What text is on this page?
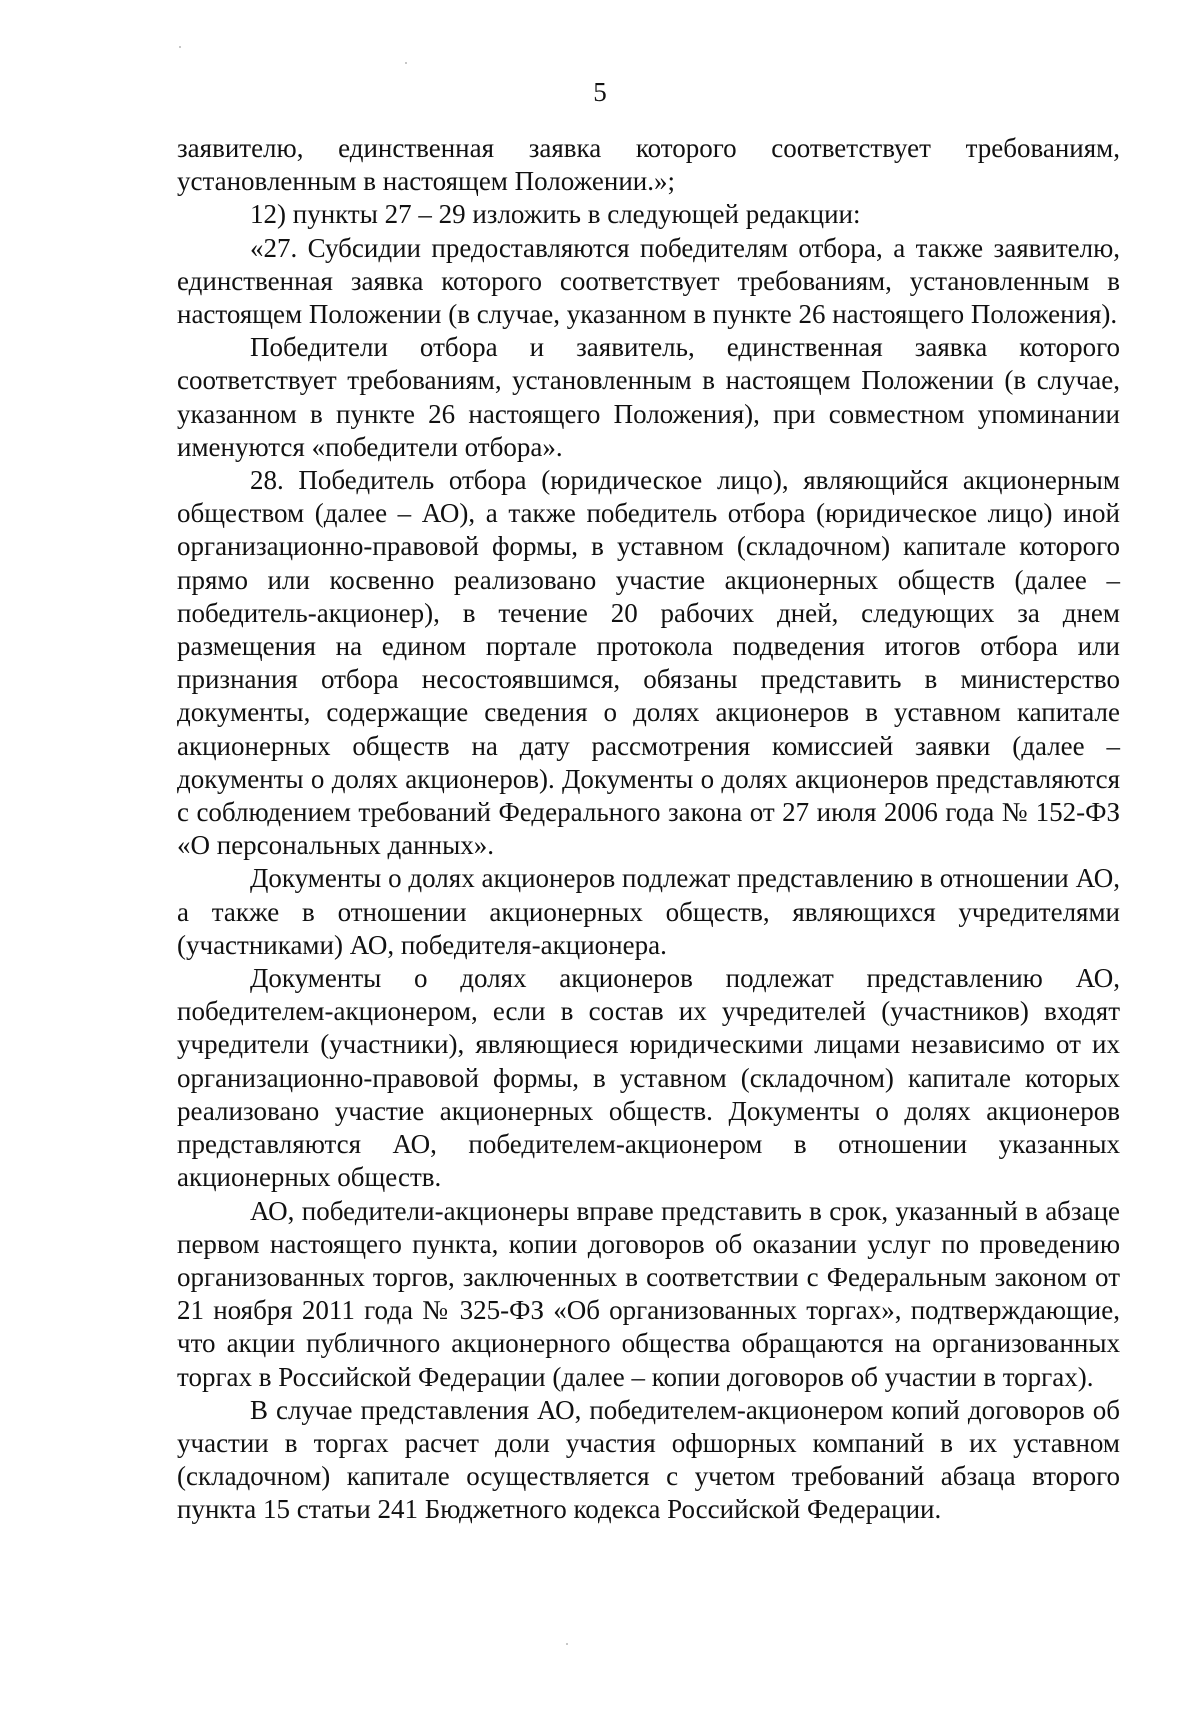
5

заявителю, единственная заявка которого соответствует требованиям, установленным в настоящем Положении.»;

12) пункты 27 – 29 изложить в следующей редакции:

«27. Субсидии предоставляются победителям отбора, а также заявителю, единственная заявка которого соответствует требованиям, установленным в настоящем Положении (в случае, указанном в пункте 26 настоящего Положения).

Победители отбора и заявитель, единственная заявка которого соответствует требованиям, установленным в настоящем Положении (в случае, указанном в пункте 26 настоящего Положения), при совместном упоминании именуются «победители отбора».

28. Победитель отбора (юридическое лицо), являющийся акционерным обществом (далее – АО), а также победитель отбора (юридическое лицо) иной организационно-правовой формы, в уставном (складочном) капитале которого прямо или косвенно реализовано участие акционерных обществ (далее – победитель-акционер), в течение 20 рабочих дней, следующих за днем размещения на едином портале протокола подведения итогов отбора или признания отбора несостоявшимся, обязаны представить в министерство документы, содержащие сведения о долях акционеров в уставном капитале акционерных обществ на дату рассмотрения комиссией заявки (далее – документы о долях акционеров). Документы о долях акционеров представляются с соблюдением требований Федерального закона от 27 июля 2006 года № 152-ФЗ «О персональных данных».

Документы о долях акционеров подлежат представлению в отношении АО, а также в отношении акционерных обществ, являющихся учредителями (участниками) АО, победителя-акционера.

Документы о долях акционеров подлежат представлению АО, победителем-акционером, если в состав их учредителей (участников) входят учредители (участники), являющиеся юридическими лицами независимо от их организационно-правовой формы, в уставном (складочном) капитале которых реализовано участие акционерных обществ. Документы о долях акционеров представляются АО, победителем-акционером в отношении указанных акционерных обществ.

АО, победители-акционеры вправе представить в срок, указанный в абзаце первом настоящего пункта, копии договоров об оказании услуг по проведению организованных торгов, заключенных в соответствии с Федеральным законом от 21 ноября 2011 года № 325-ФЗ «Об организованных торгах», подтверждающие, что акции публичного акционерного общества обращаются на организованных торгах в Российской Федерации (далее – копии договоров об участии в торгах).

В случае представления АО, победителем-акционером копий договоров об участии в торгах расчет доли участия офшорных компаний в их уставном (складочном) капитале осуществляется с учетом требований абзаца второго пункта 15 статьи 241 Бюджетного кодекса Российской Федерации.
